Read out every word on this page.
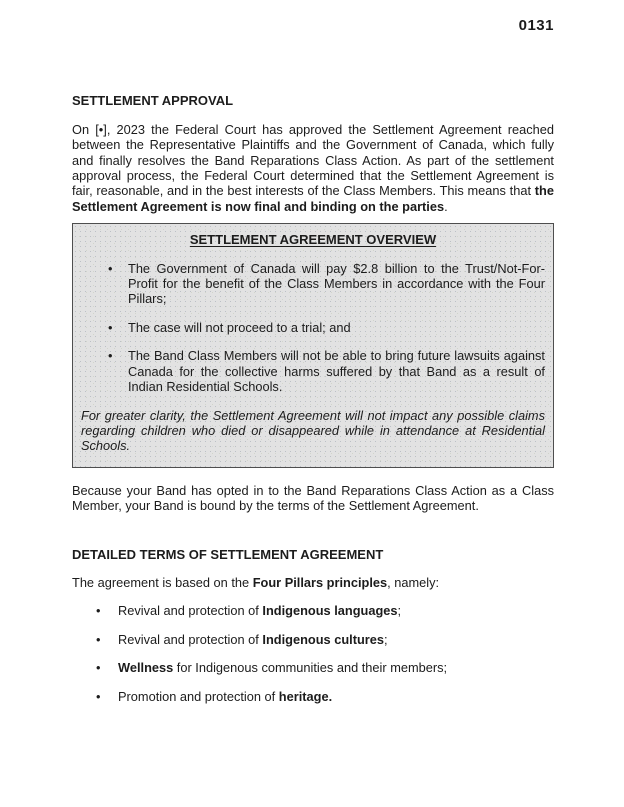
0131
SETTLEMENT APPROVAL

On [•], 2023 the Federal Court has approved the Settlement Agreement reached between the Representative Plaintiffs and the Government of Canada, which fully and finally resolves the Band Reparations Class Action. As part of the settlement approval process, the Federal Court determined that the Settlement Agreement is fair, reasonable, and in the best interests of the Class Members. This means that the Settlement Agreement is now final and binding on the parties.

SETTLEMENT AGREEMENT OVERVIEW
• The Government of Canada will pay $2.8 billion to the Trust/Not-For-Profit for the benefit of the Class Members in accordance with the Four Pillars;
• The case will not proceed to a trial; and
• The Band Class Members will not be able to bring future lawsuits against Canada for the collective harms suffered by that Band as a result of Indian Residential Schools.

For greater clarity, the Settlement Agreement will not impact any possible claims regarding children who died or disappeared while in attendance at Residential Schools.

Because your Band has opted in to the Band Reparations Class Action as a Class Member, your Band is bound by the terms of the Settlement Agreement.

DETAILED TERMS OF SETTLEMENT AGREEMENT

The agreement is based on the Four Pillars principles, namely:

• Revival and protection of Indigenous languages;
• Revival and protection of Indigenous cultures;
• Wellness for Indigenous communities and their members;
• Promotion and protection of heritage.
